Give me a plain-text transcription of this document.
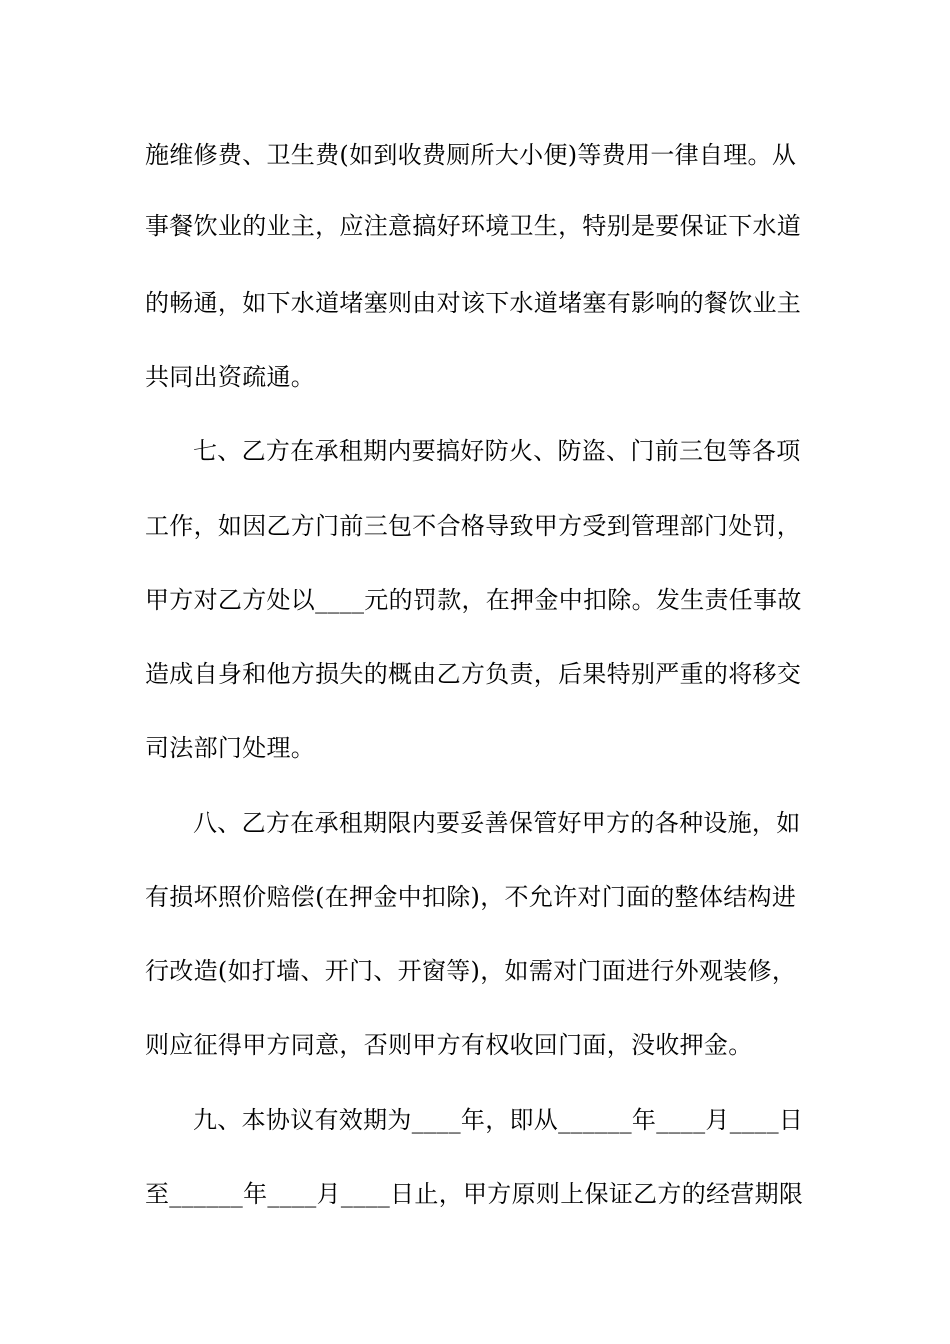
施维修费、卫生费(如到收费厕所大小便)等费用一律自理。从
事餐饮业的业主，应注意搞好环境卫生，特别是要保证下水道
的畅通，如下水道堵塞则由对该下水道堵塞有影响的餐饮业主
共同出资疏通。
七、乙方在承租期内要搞好防火、防盗、门前三包等各项
工作，如因乙方门前三包不合格导致甲方受到管理部门处罚，
甲方对乙方处以____元的罚款，在押金中扣除。发生责任事故
造成自身和他方损失的概由乙方负责，后果特别严重的将移交
司法部门处理。
八、乙方在承租期限内要妥善保管好甲方的各种设施，如
有损坏照价赔偿(在押金中扣除)，不允许对门面的整体结构进
行改造(如打墙、开门、开窗等)，如需对门面进行外观装修，
则应征得甲方同意，否则甲方有权收回门面，没收押金。
九、本协议有效期为____年，即从______年____月____日
至______年____月____日止，甲方原则上保证乙方的经营期限
